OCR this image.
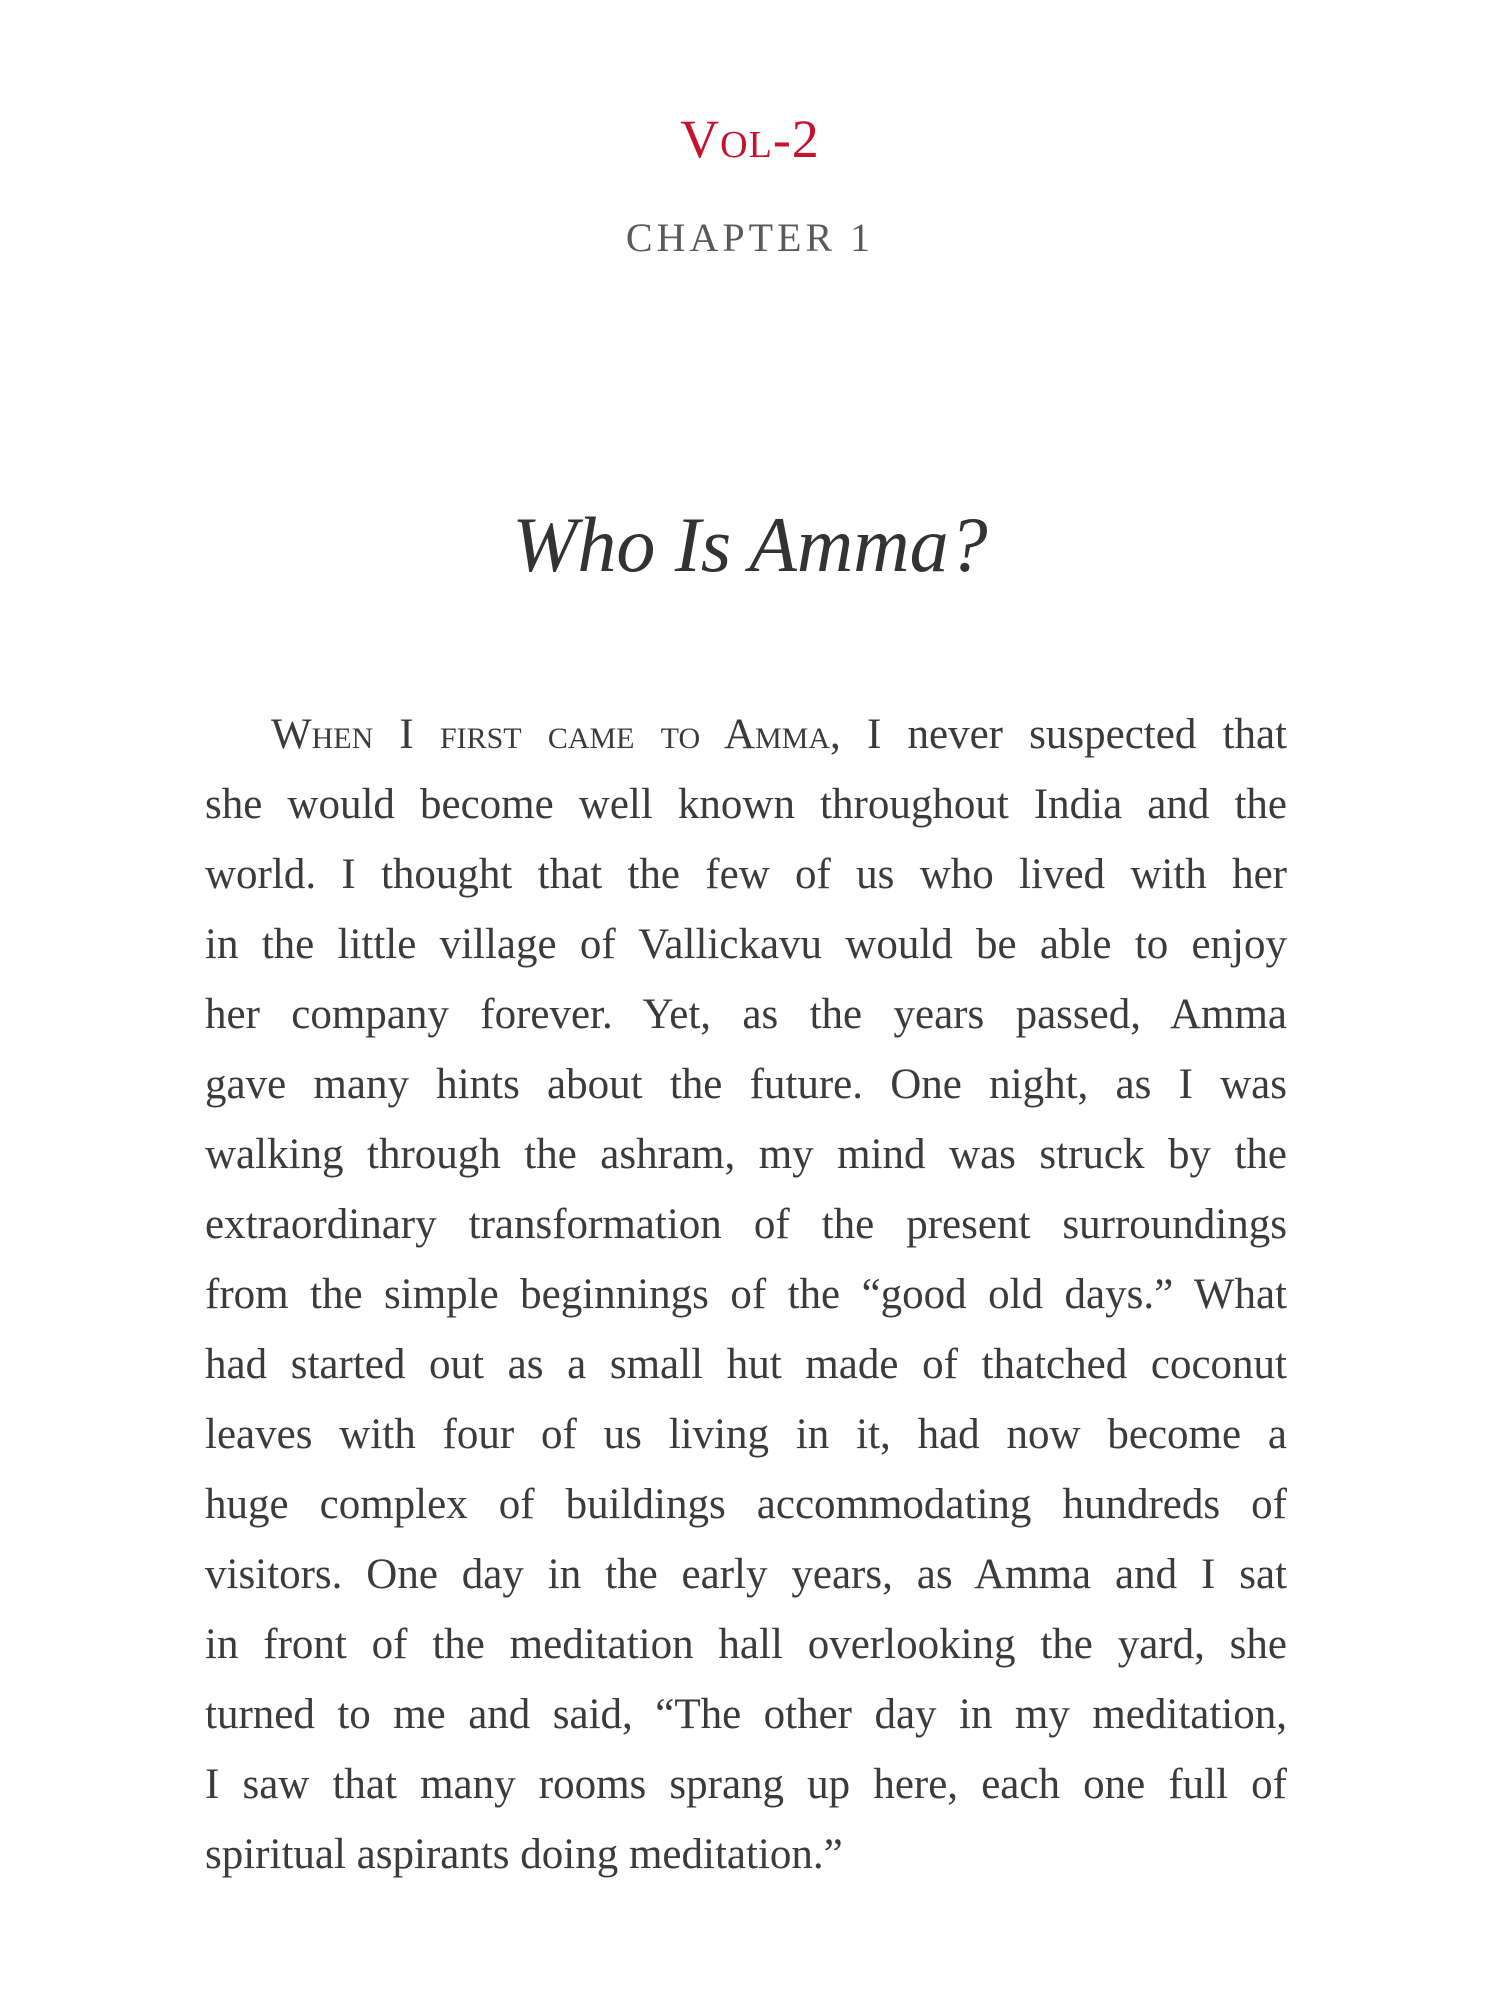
Vol-2
CHAPTER 1
Who Is Amma?
When I first came to Amma, I never suspected that
she would become well known throughout India and the
world. I thought that the few of us who lived with her
in the little village of Vallickavu would be able to enjoy
her company forever. Yet, as the years passed, Amma
gave many hints about the future. One night, as I was
walking through the ashram, my mind was struck by the
extraordinary transformation of the present surroundings
from the simple beginnings of the “good old days.” What
had started out as a small hut made of thatched coconut
leaves with four of us living in it, had now become a
huge complex of buildings accommodating hundreds of
visitors. One day in the early years, as Amma and I sat
in front of the meditation hall overlooking the yard, she
turned to me and said, “The other day in my meditation,
I saw that many rooms sprang up here, each one full of
spiritual aspirants doing meditation.”
